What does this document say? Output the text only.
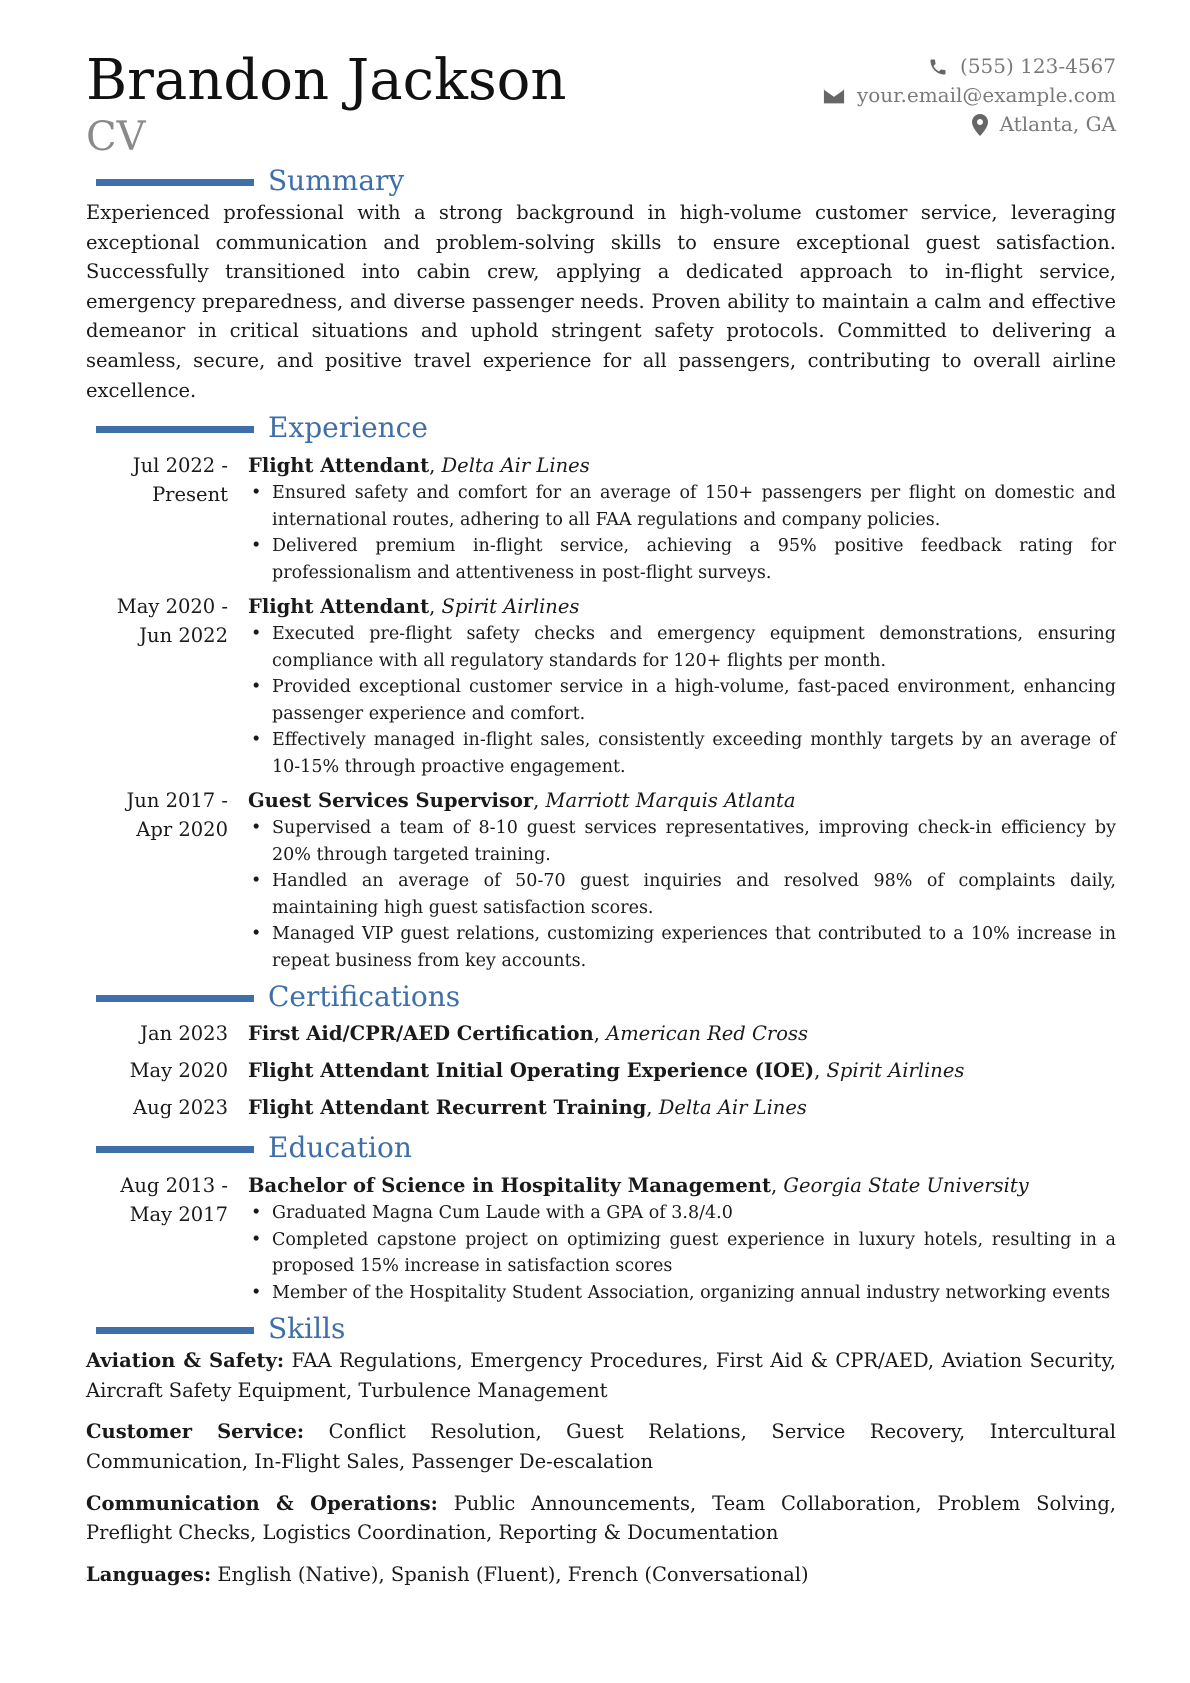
Brandon Jackson
CV
(555) 123-4567
your.email@example.com
Atlanta, GA
Summary

Experienced professional with a strong background in high-volume customer service, leveraging exceptional communication and problem-solving skills to ensure exceptional guest satisfaction. Successfully transitioned into cabin crew, applying a dedicated approach to in-flight service, emergency preparedness, and diverse passenger needs. Proven ability to maintain a calm and effective demeanor in critical situations and uphold stringent safety protocols. Committed to delivering a seamless, secure, and positive travel experience for all passengers, contributing to overall airline excellence.

Experience
Jul 2022 - Present
Flight Attendant, Delta Air Lines
• Ensured safety and comfort for an average of 150+ passengers per flight on domestic and international routes, adhering to all FAA regulations and company policies.
• Delivered premium in-flight service, achieving a 95% positive feedback rating for professionalism and attentiveness in post-flight surveys.
May 2020 - Jun 2022
Flight Attendant, Spirit Airlines
• Executed pre-flight safety checks and emergency equipment demonstrations, ensuring compliance with all regulatory standards for 120+ flights per month.
• Provided exceptional customer service in a high-volume, fast-paced environment, enhancing passenger experience and comfort.
• Effectively managed in-flight sales, consistently exceeding monthly targets by an average of 10-15% through proactive engagement.
Jun 2017 - Apr 2020
Guest Services Supervisor, Marriott Marquis Atlanta
• Supervised a team of 8-10 guest services representatives, improving check-in efficiency by 20% through targeted training.
• Handled an average of 50-70 guest inquiries and resolved 98% of complaints daily, maintaining high guest satisfaction scores.
• Managed VIP guest relations, customizing experiences that contributed to a 10% increase in repeat business from key accounts.
Certifications
Jan 2023	First Aid/CPR/AED Certification, American Red Cross
May 2020	Flight Attendant Initial Operating Experience (IOE), Spirit Airlines
Aug 2023	Flight Attendant Recurrent Training, Delta Air Lines
Education
Aug 2013 - May 2017
Bachelor of Science in Hospitality Management, Georgia State University
• Graduated Magna Cum Laude with a GPA of 3.8/4.0
• Completed capstone project on optimizing guest experience in luxury hotels, resulting in a proposed 15% increase in satisfaction scores
• Member of the Hospitality Student Association, organizing annual industry networking events
Skills

Aviation & Safety: FAA Regulations, Emergency Procedures, First Aid & CPR/AED, Aviation Security, Aircraft Safety Equipment, Turbulence Management

Customer Service: Conflict Resolution, Guest Relations, Service Recovery, Intercultural Communication, In-Flight Sales, Passenger De-escalation

Communication & Operations: Public Announcements, Team Collaboration, Problem Solving, Preflight Checks, Logistics Coordination, Reporting & Documentation

Languages: English (Native), Spanish (Fluent), French (Conversational)
